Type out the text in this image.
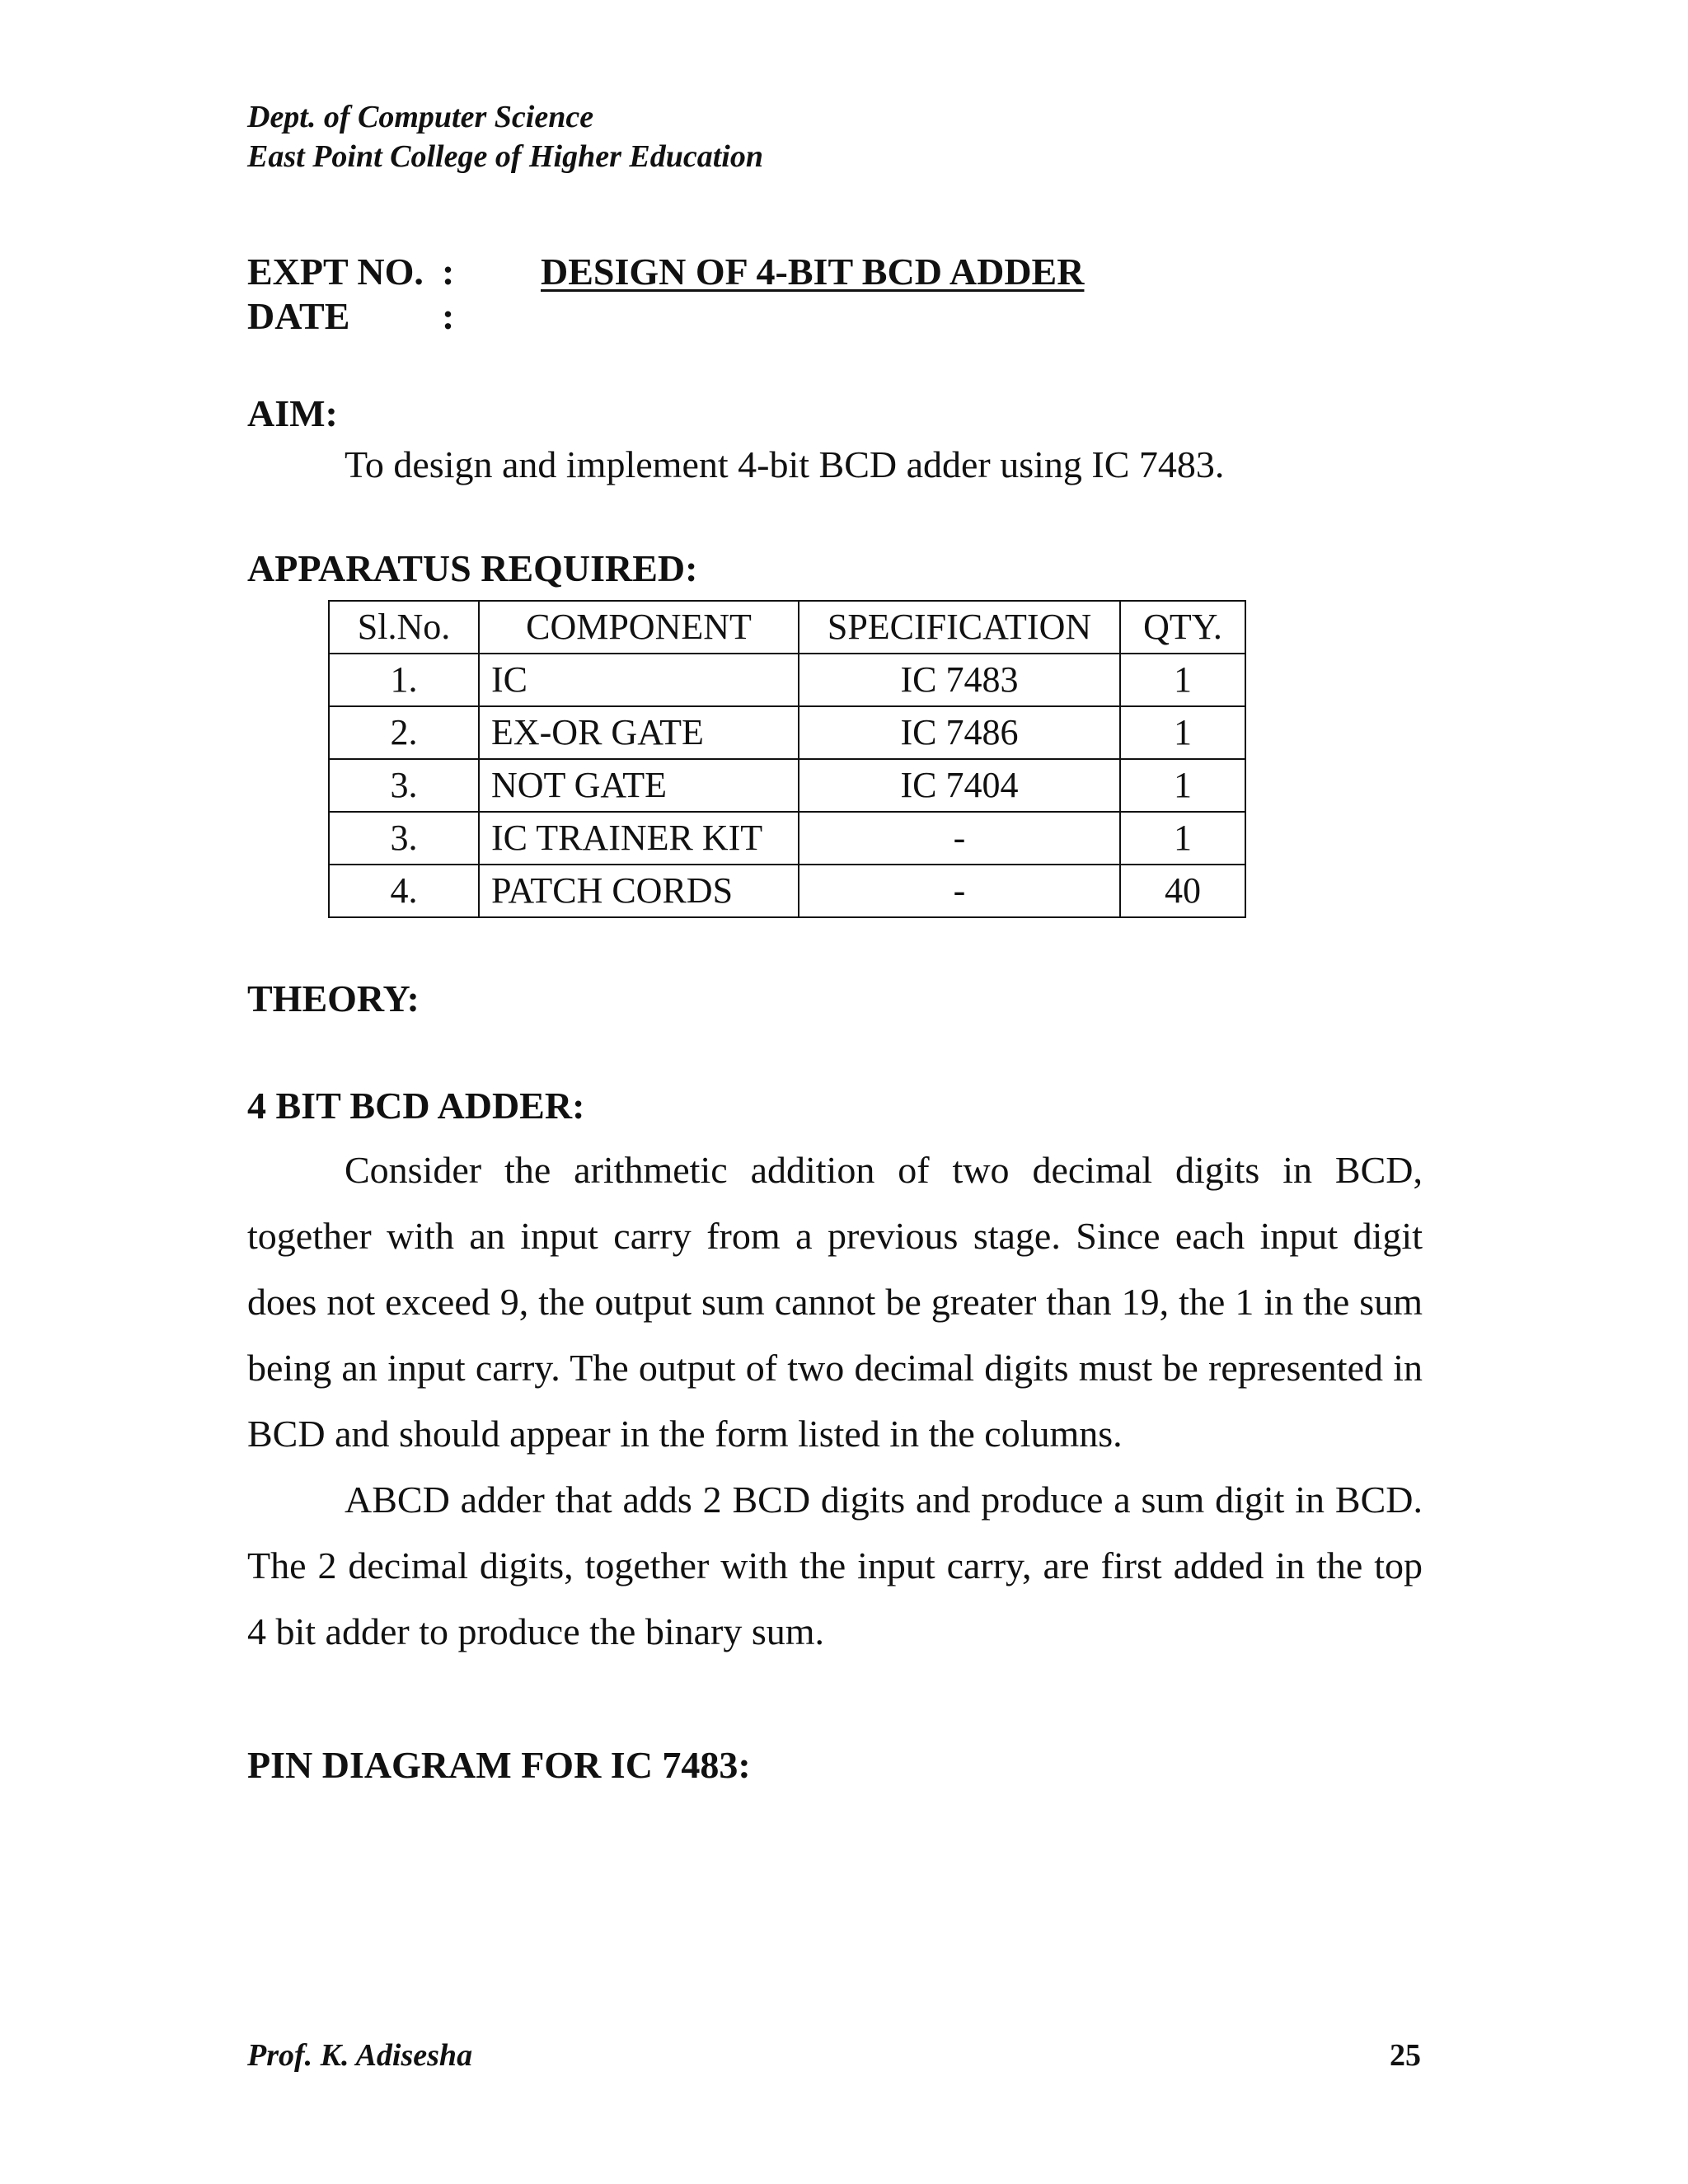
Dept. of Computer Science
East Point College of Higher Education
EXPT NO. : DESIGN OF 4-BIT BCD ADDER
DATE :
AIM:
To design and implement 4-bit BCD adder using IC 7483.
APPARATUS REQUIRED:
Sl.No.	COMPONENT	SPECIFICATION	QTY.
1.	IC	IC 7483	1
2.	EX-OR GATE	IC 7486	1
3.	NOT GATE	IC 7404	1
3.	IC TRAINER KIT	-	1
4.	PATCH CORDS	-	40
THEORY:
4 BIT BCD ADDER:

Consider the arithmetic addition of two decimal digits in BCD, together with an input carry from a previous stage. Since each input digit does not exceed 9, the output sum cannot be greater than 19, the 1 in the sum being an input carry. The output of two decimal digits must be represented in BCD and should appear in the form listed in the columns.

ABCD adder that adds 2 BCD digits and produce a sum digit in BCD. The 2 decimal digits, together with the input carry, are first added in the top 4 bit adder to produce the binary sum.

PIN DIAGRAM FOR IC 7483:
Prof. K. Adisesha	25
